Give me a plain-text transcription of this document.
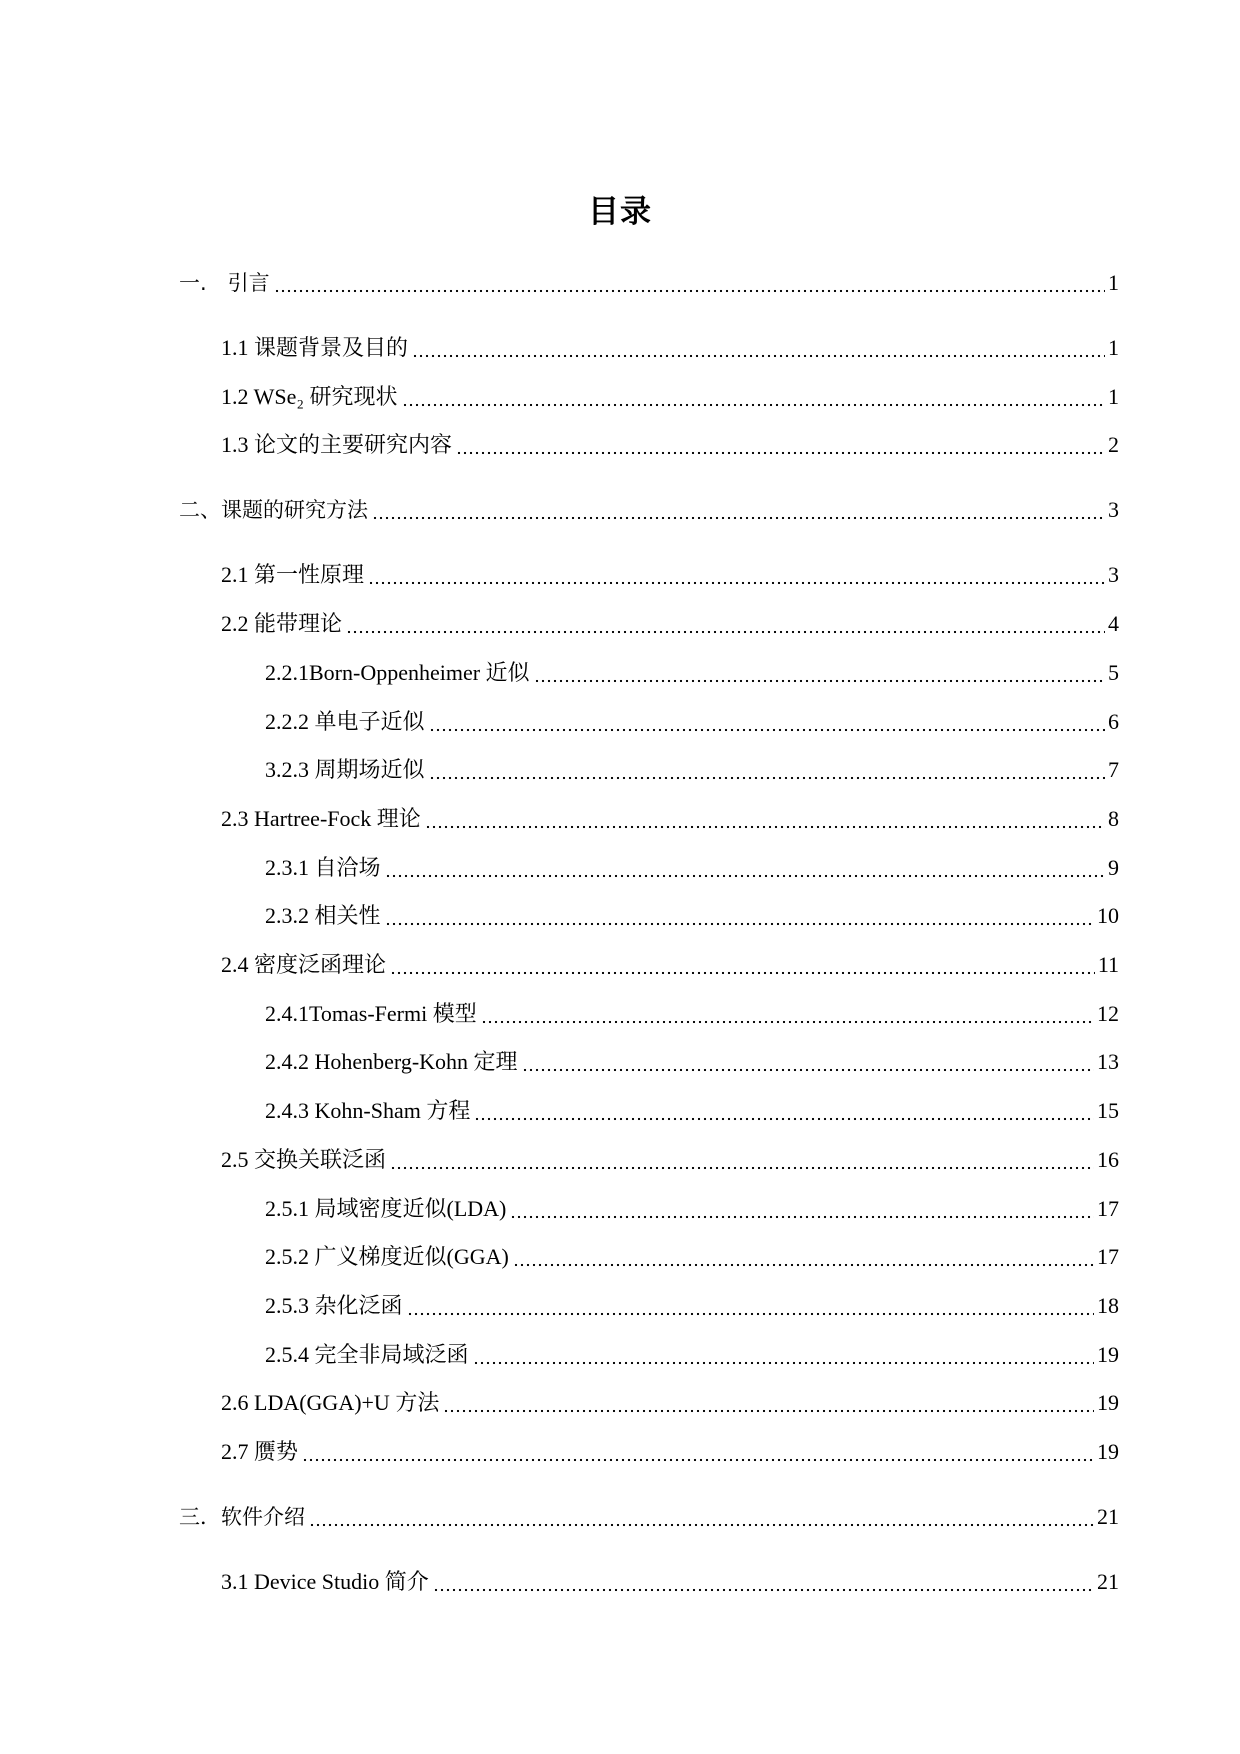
目录
一.　引言	1
1.1 课题背景及目的	1
1.2 WSe₂ 研究现状	1
1.3 论文的主要研究内容	2
二、课题的研究方法	3
2.1 第一性原理	3
2.2 能带理论	4
2.2.1Born-Oppenheimer 近似	5
2.2.2 单电子近似	6
3.2.3 周期场近似	7
2.3 Hartree-Fock 理论	8
2.3.1 自洽场	9
2.3.2 相关性	10
2.4 密度泛函理论	11
2.4.1Tomas-Fermi 模型	12
2.4.2 Hohenberg-Kohn 定理	13
2.4.3 Kohn-Sham 方程	15
2.5 交换关联泛函	16
2.5.1 局域密度近似(LDA)	17
2.5.2 广义梯度近似(GGA)	17
2.5.3 杂化泛函	18
2.5.4 完全非局域泛函	19
2.6 LDA(GGA)+U 方法	19
2.7 赝势	19
三．软件介绍	21
3.1 Device Studio 简介	21
